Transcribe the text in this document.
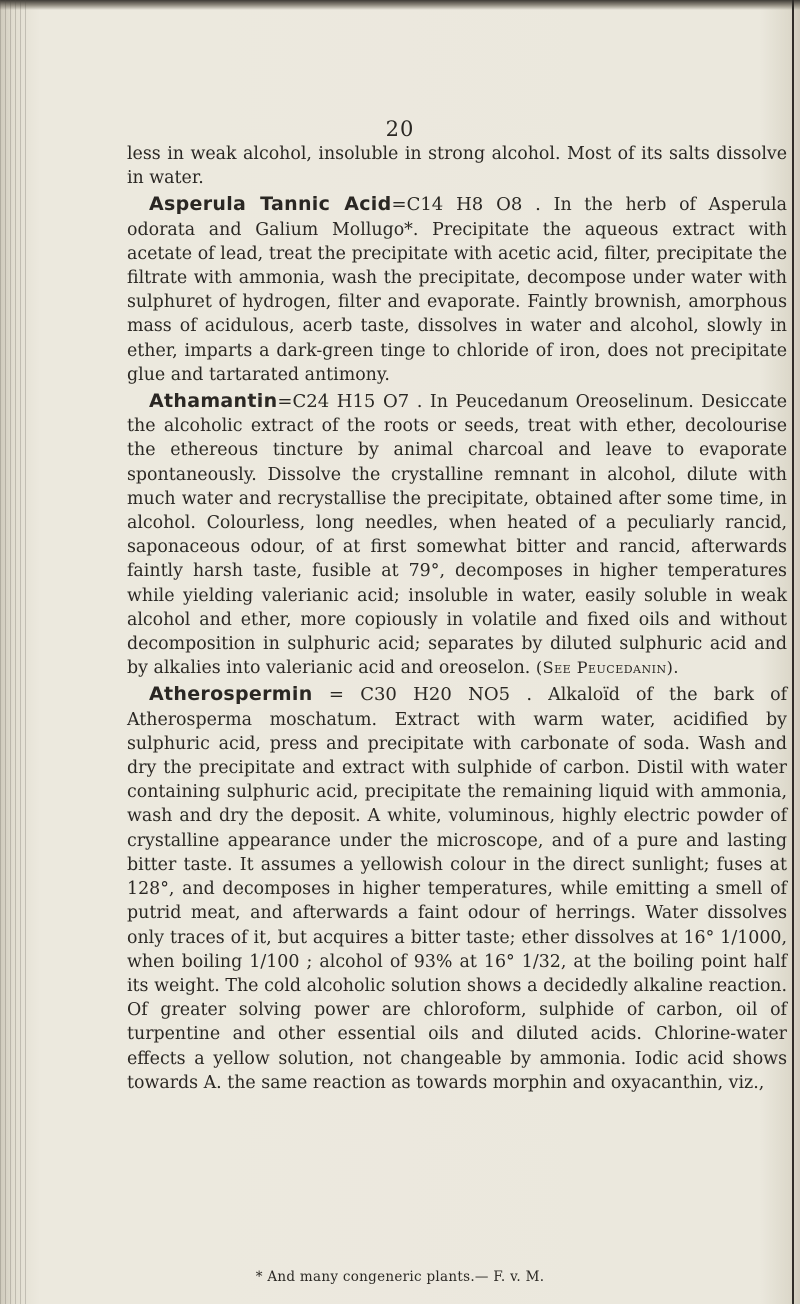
20

less in weak alcohol, insoluble in strong alcohol. Most of its salts dissolve in water.

Asperula Tannic Acid=C14 H8 O8 . In the herb of Asperula odorata and Galium Mollugo*. Precipitate the aqueous extract with acetate of lead, treat the precipitate with acetic acid, filter, precipitate the filtrate with ammonia, wash the precipitate, decompose under water with sulphuret of hydrogen, filter and evaporate. Faintly brownish, amorphous mass of acidulous, acerb taste, dissolves in water and alcohol, slowly in ether, imparts a dark-green tinge to chloride of iron, does not precipitate glue and tartarated antimony.

Athamantin=C24 H15 O7 . In Peucedanum Oreoselinum. Desiccate the alcoholic extract of the roots or seeds, treat with ether, decolourise the ethereous tincture by animal charcoal and leave to evaporate spontaneously. Dissolve the crystalline remnant in alcohol, dilute with much water and recrystallise the precipitate, obtained after some time, in alcohol. Colourless, long needles, when heated of a peculiarly rancid, saponaceous odour, of at first somewhat bitter and rancid, afterwards faintly harsh taste, fusible at 79°, decomposes in higher temperatures while yielding valerianic acid; insoluble in water, easily soluble in weak alcohol and ether, more copiously in volatile and fixed oils and without decomposition in sulphuric acid; separates by diluted sulphuric acid and by alkalies into valerianic acid and oreoselon. (See Peucedanin).

Atherospermin = C30 H20 NO5 . Alkaloïd of the bark of Atherosperma moschatum. Extract with warm water, acidified by sulphuric acid, press and precipitate with carbonate of soda. Wash and dry the precipitate and extract with sulphide of carbon. Distil with water containing sulphuric acid, precipitate the remaining liquid with ammonia, wash and dry the deposit. A white, voluminous, highly electric powder of crystalline appearance under the microscope, and of a pure and lasting bitter taste. It assumes a yellowish colour in the direct sunlight; fuses at 128°, and decomposes in higher temperatures, while emitting a smell of putrid meat, and afterwards a faint odour of herrings. Water dissolves only traces of it, but acquires a bitter taste; ether dissolves at 16° 1/1000, when boiling 1/100 ; alcohol of 93% at 16° 1/32, at the boiling point half its weight. The cold alcoholic solution shows a decidedly alkaline reaction. Of greater solving power are chloroform, sulphide of carbon, oil of turpentine and other essential oils and diluted acids. Chlorine-water effects a yellow solution, not changeable by ammonia. Iodic acid shows towards A. the same reaction as towards morphin and oxyacanthin, viz.,

* And many congeneric plants.— F. v. M.
